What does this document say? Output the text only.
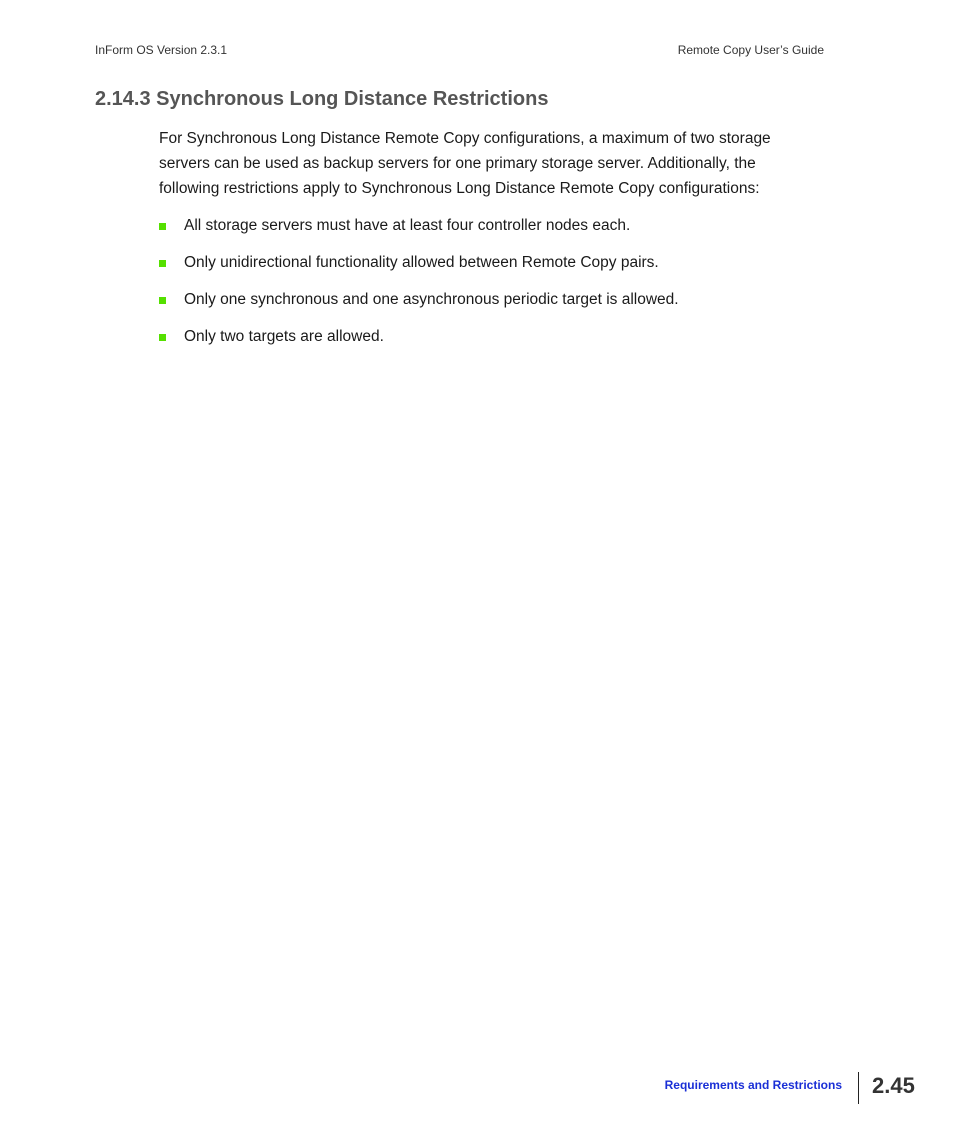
InForm OS Version 2.3.1	Remote Copy User’s Guide
2.14.3 Synchronous Long Distance Restrictions

For Synchronous Long Distance Remote Copy configurations, a maximum of two storage
servers can be used as backup servers for one primary storage server. Additionally, the
following restrictions apply to Synchronous Long Distance Remote Copy configurations:

All storage servers must have at least four controller nodes each.
Only unidirectional functionality allowed between Remote Copy pairs.
Only one synchronous and one asynchronous periodic target is allowed.
Only two targets are allowed.
Requirements and Restrictions 2.45
